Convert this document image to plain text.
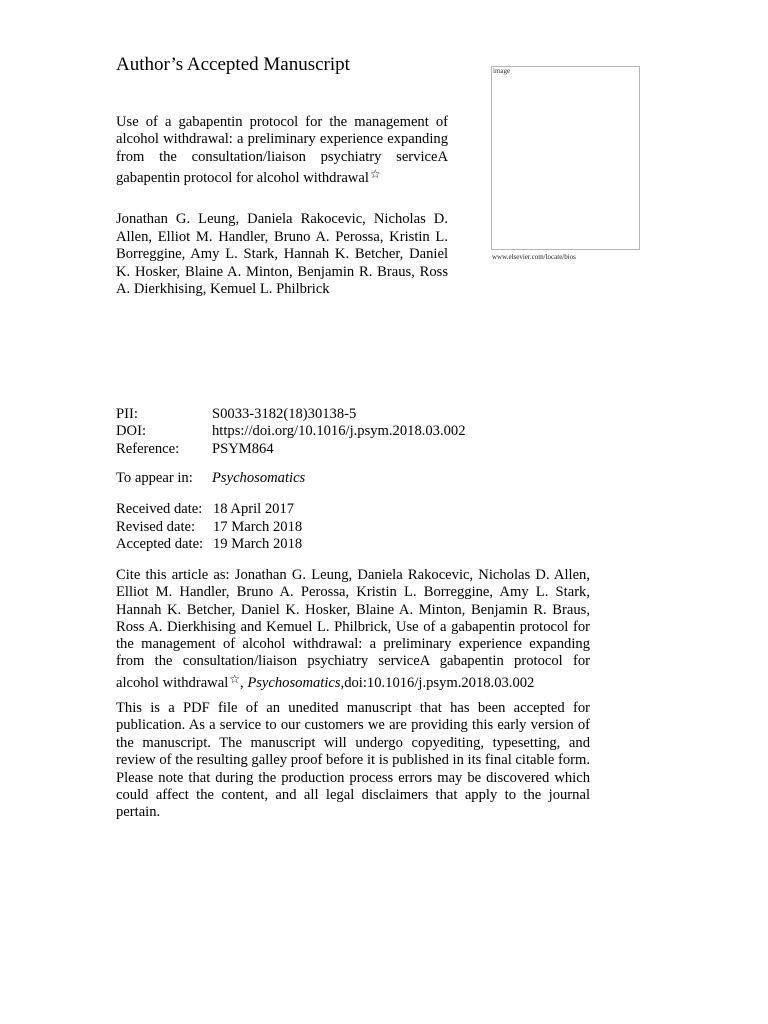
Author’s Accepted Manuscript	image
www.elsevier.com/locate/bios
Use of a gabapentin protocol for the management of alcohol withdrawal: a preliminary experience expanding from the consultation/liaison psychiatry serviceA gabapentin protocol for alcohol withdrawal☆
Jonathan G. Leung, Daniela Rakocevic, Nicholas D. Allen, Elliot M. Handler, Bruno A. Perossa, Kristin L. Borreggine, Amy L. Stark, Hannah K. Betcher, Daniel K. Hosker, Blaine A. Minton, Benjamin R. Braus, Ross A. Dierkhising, Kemuel L. Philbrick
PII:	S0033-3182(18)30138-5
DOI:	https://doi.org/10.1016/j.psym.2018.03.002
Reference:	PSYM864
To appear in: Psychosomatics
Received date: 18 April 2017
Revised date:	17 March 2018
Accepted date: 19 March 2018
Cite this article as: Jonathan G. Leung, Daniela Rakocevic, Nicholas D. Allen, Elliot M. Handler, Bruno A. Perossa, Kristin L. Borreggine, Amy L. Stark, Hannah K. Betcher, Daniel K. Hosker, Blaine A. Minton, Benjamin R. Braus, Ross A. Dierkhising and Kemuel L. Philbrick, Use of a gabapentin protocol for the management of alcohol withdrawal: a preliminary experience expanding from the consultation/liaison psychiatry serviceA gabapentin protocol for alcohol withdrawal☆, Psychosomatics,doi:10.1016/j.psym.2018.03.002
This is a PDF file of an unedited manuscript that has been accepted for publication. As a service to our customers we are providing this early version of the manuscript. The manuscript will undergo copyediting, typesetting, and review of the resulting galley proof before it is published in its final citable form. Please note that during the production process errors may be discovered which could affect the content, and all legal disclaimers that apply to the journal pertain.
